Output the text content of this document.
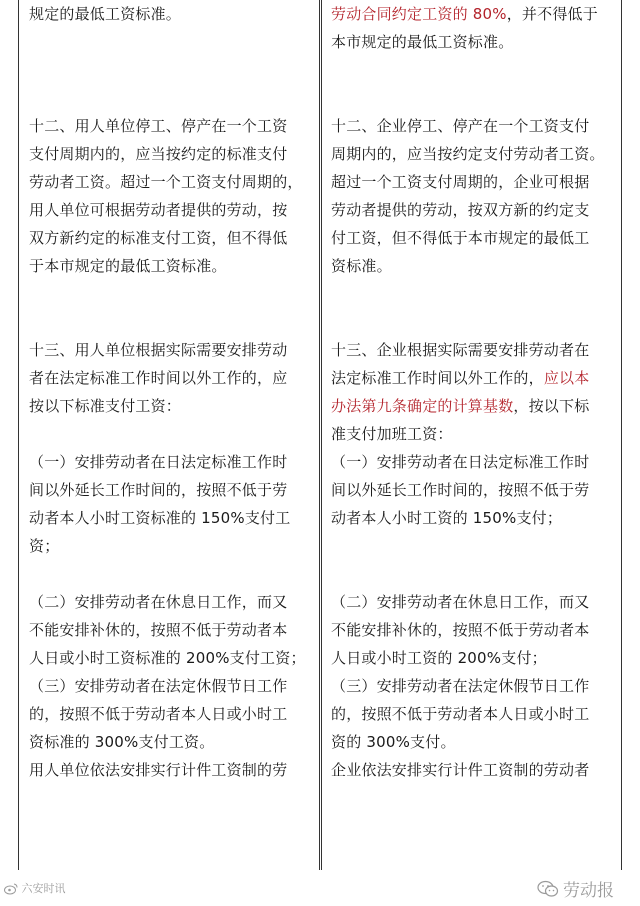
规定的最低工资标准。
十二、用人单位停工、停产在一个工资
支付周期内的，应当按约定的标准支付
劳动者工资。超过一个工资支付周期的，
用人单位可根据劳动者提供的劳动，按
双方新约定的标准支付工资，但不得低
于本市规定的最低工资标准。
十三、用人单位根据实际需要安排劳动
者在法定标准工作时间以外工作的，应
按以下标准支付工资：
（一）安排劳动者在日法定标准工作时
间以外延长工作时间的，按照不低于劳
动者本人小时工资标准的 150%支付工
资；
（二）安排劳动者在休息日工作，而又
不能安排补休的，按照不低于劳动者本
人日或小时工资标准的 200%支付工资；
（三）安排劳动者在法定休假节日工作
的，按照不低于劳动者本人日或小时工
资标准的 300%支付工资。
用人单位依法安排实行计件工资制的劳
劳动合同约定工资的 80%，并不得低于
本市规定的最低工资标准。
十二、企业停工、停产在一个工资支付
周期内的，应当按约定支付劳动者工资。
超过一个工资支付周期的，企业可根据
劳动者提供的劳动，按双方新的约定支
付工资，但不得低于本市规定的最低工
资标准。
十三、企业根据实际需要安排劳动者在
法定标准工作时间以外工作的，应以本
办法第九条确定的计算基数，按以下标
准支付加班工资：
（一）安排劳动者在日法定标准工作时
间以外延长工作时间的，按照不低于劳
动者本人小时工资的 150%支付；
（二）安排劳动者在休息日工作，而又
不能安排补休的，按照不低于劳动者本
人日或小时工资的 200%支付；
（三）安排劳动者在法定休假节日工作
的，按照不低于劳动者本人日或小时工
资的 300%支付。
企业依法安排实行计件工资制的劳动者
六安时讯	劳动报
